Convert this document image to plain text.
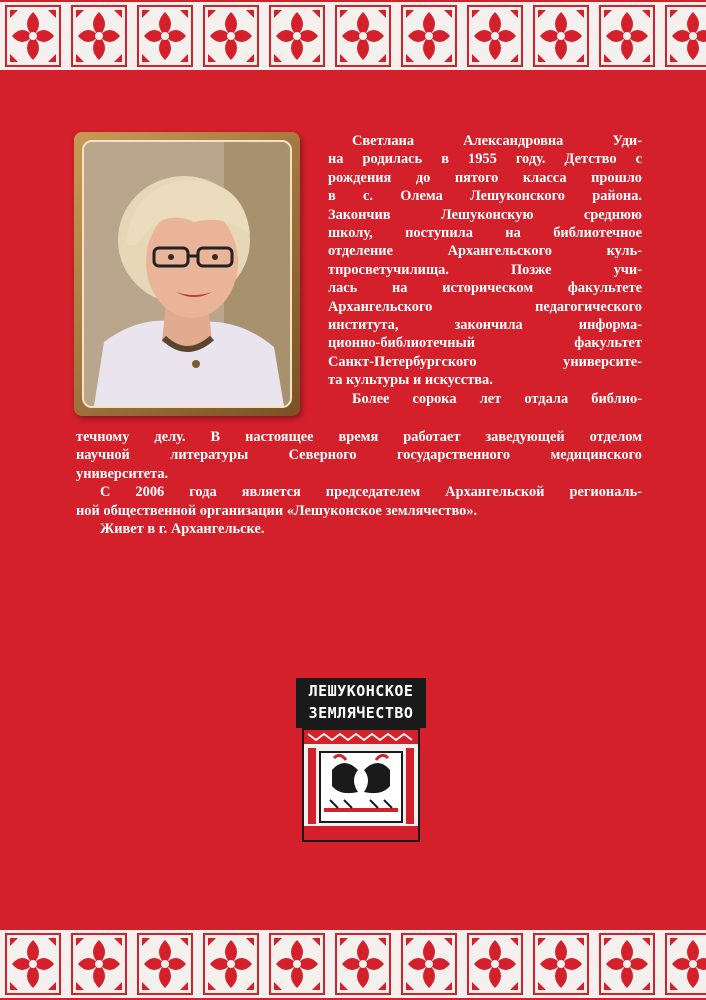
Светлана Александровна Уди-
на родилась в 1955 году. Детство с
рождения до пятого класса прошло
в с. Олема Лешуконского района.
Закончив Лешуконскую среднюю
школу, поступила на библиотечное
отделение Архангельского куль-
тпросветучилища. Позже учи-
лась на историческом факультете
Архангельского педагогического
института, закончила информа-
ционно-библиотечный факультет
Санкт-Петербургского университе-
та культуры и искусства.
Более сорока лет отдала библио-
течному делу. В настоящее время работает заведующей отделом
научной литературы Северного государственного медицинского
университета.
С 2006 года является председателем Архангельской региональ-
ной общественной организации «Лешуконское землячество».
Живет в г. Архангельске.
ЛЕШУКОНСКОЕ
ЗЕМЛЯЧЕСТВО
